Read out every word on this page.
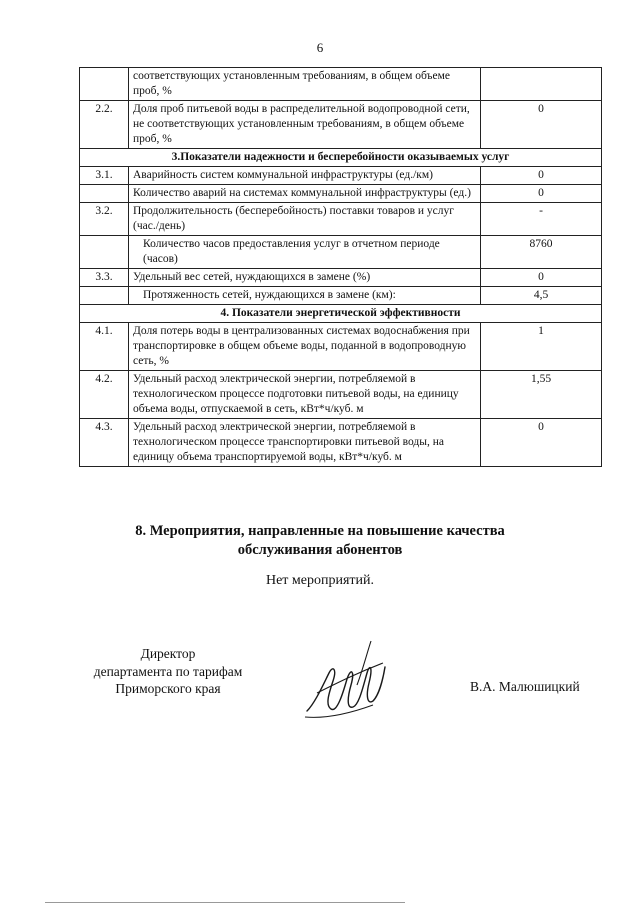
6
	соответствующих установленным требованиям, в общем объеме проб, %	
2.2.	Доля проб питьевой воды в распределительной водопроводной сети, не соответствующих установленным требованиям, в общем объеме проб, %	0
3.Показатели надежности и бесперебойности оказываемых услуг		
3.1.	Аварийность систем коммунальной инфраструктуры (ед./км)	0
	Количество аварий на системах коммунальной инфраструктуры (ед.)	0
3.2.	Продолжительность (бесперебойность) поставки товаров и услуг (час./день)	-
	Количество часов предоставления услуг в отчетном периоде (часов)	8760
3.3.	Удельный вес сетей, нуждающихся в замене (%)	0
	Протяженность сетей, нуждающихся в замене (км):	4,5
4. Показатели энергетической эффективности		
4.1.	Доля потерь воды в централизованных системах водоснабжения при транспортировке в общем объеме воды, поданной в водопроводную сеть, %	1
4.2.	Удельный расход электрической энергии, потребляемой в технологическом процессе подготовки питьевой воды, на единицу объема воды, отпускаемой в сеть, кВт*ч/куб. м	1,55
4.3.	Удельный расход электрической энергии, потребляемой в технологическом процессе транспортировки питьевой воды, на единицу объема транспортируемой воды, кВт*ч/куб. м	0
8. Мероприятия, направленные на повышение качества
обслуживания абонентов
Нет мероприятий.
Директор
департамента по тарифам
Приморского края	В.А. Малюшицкий
